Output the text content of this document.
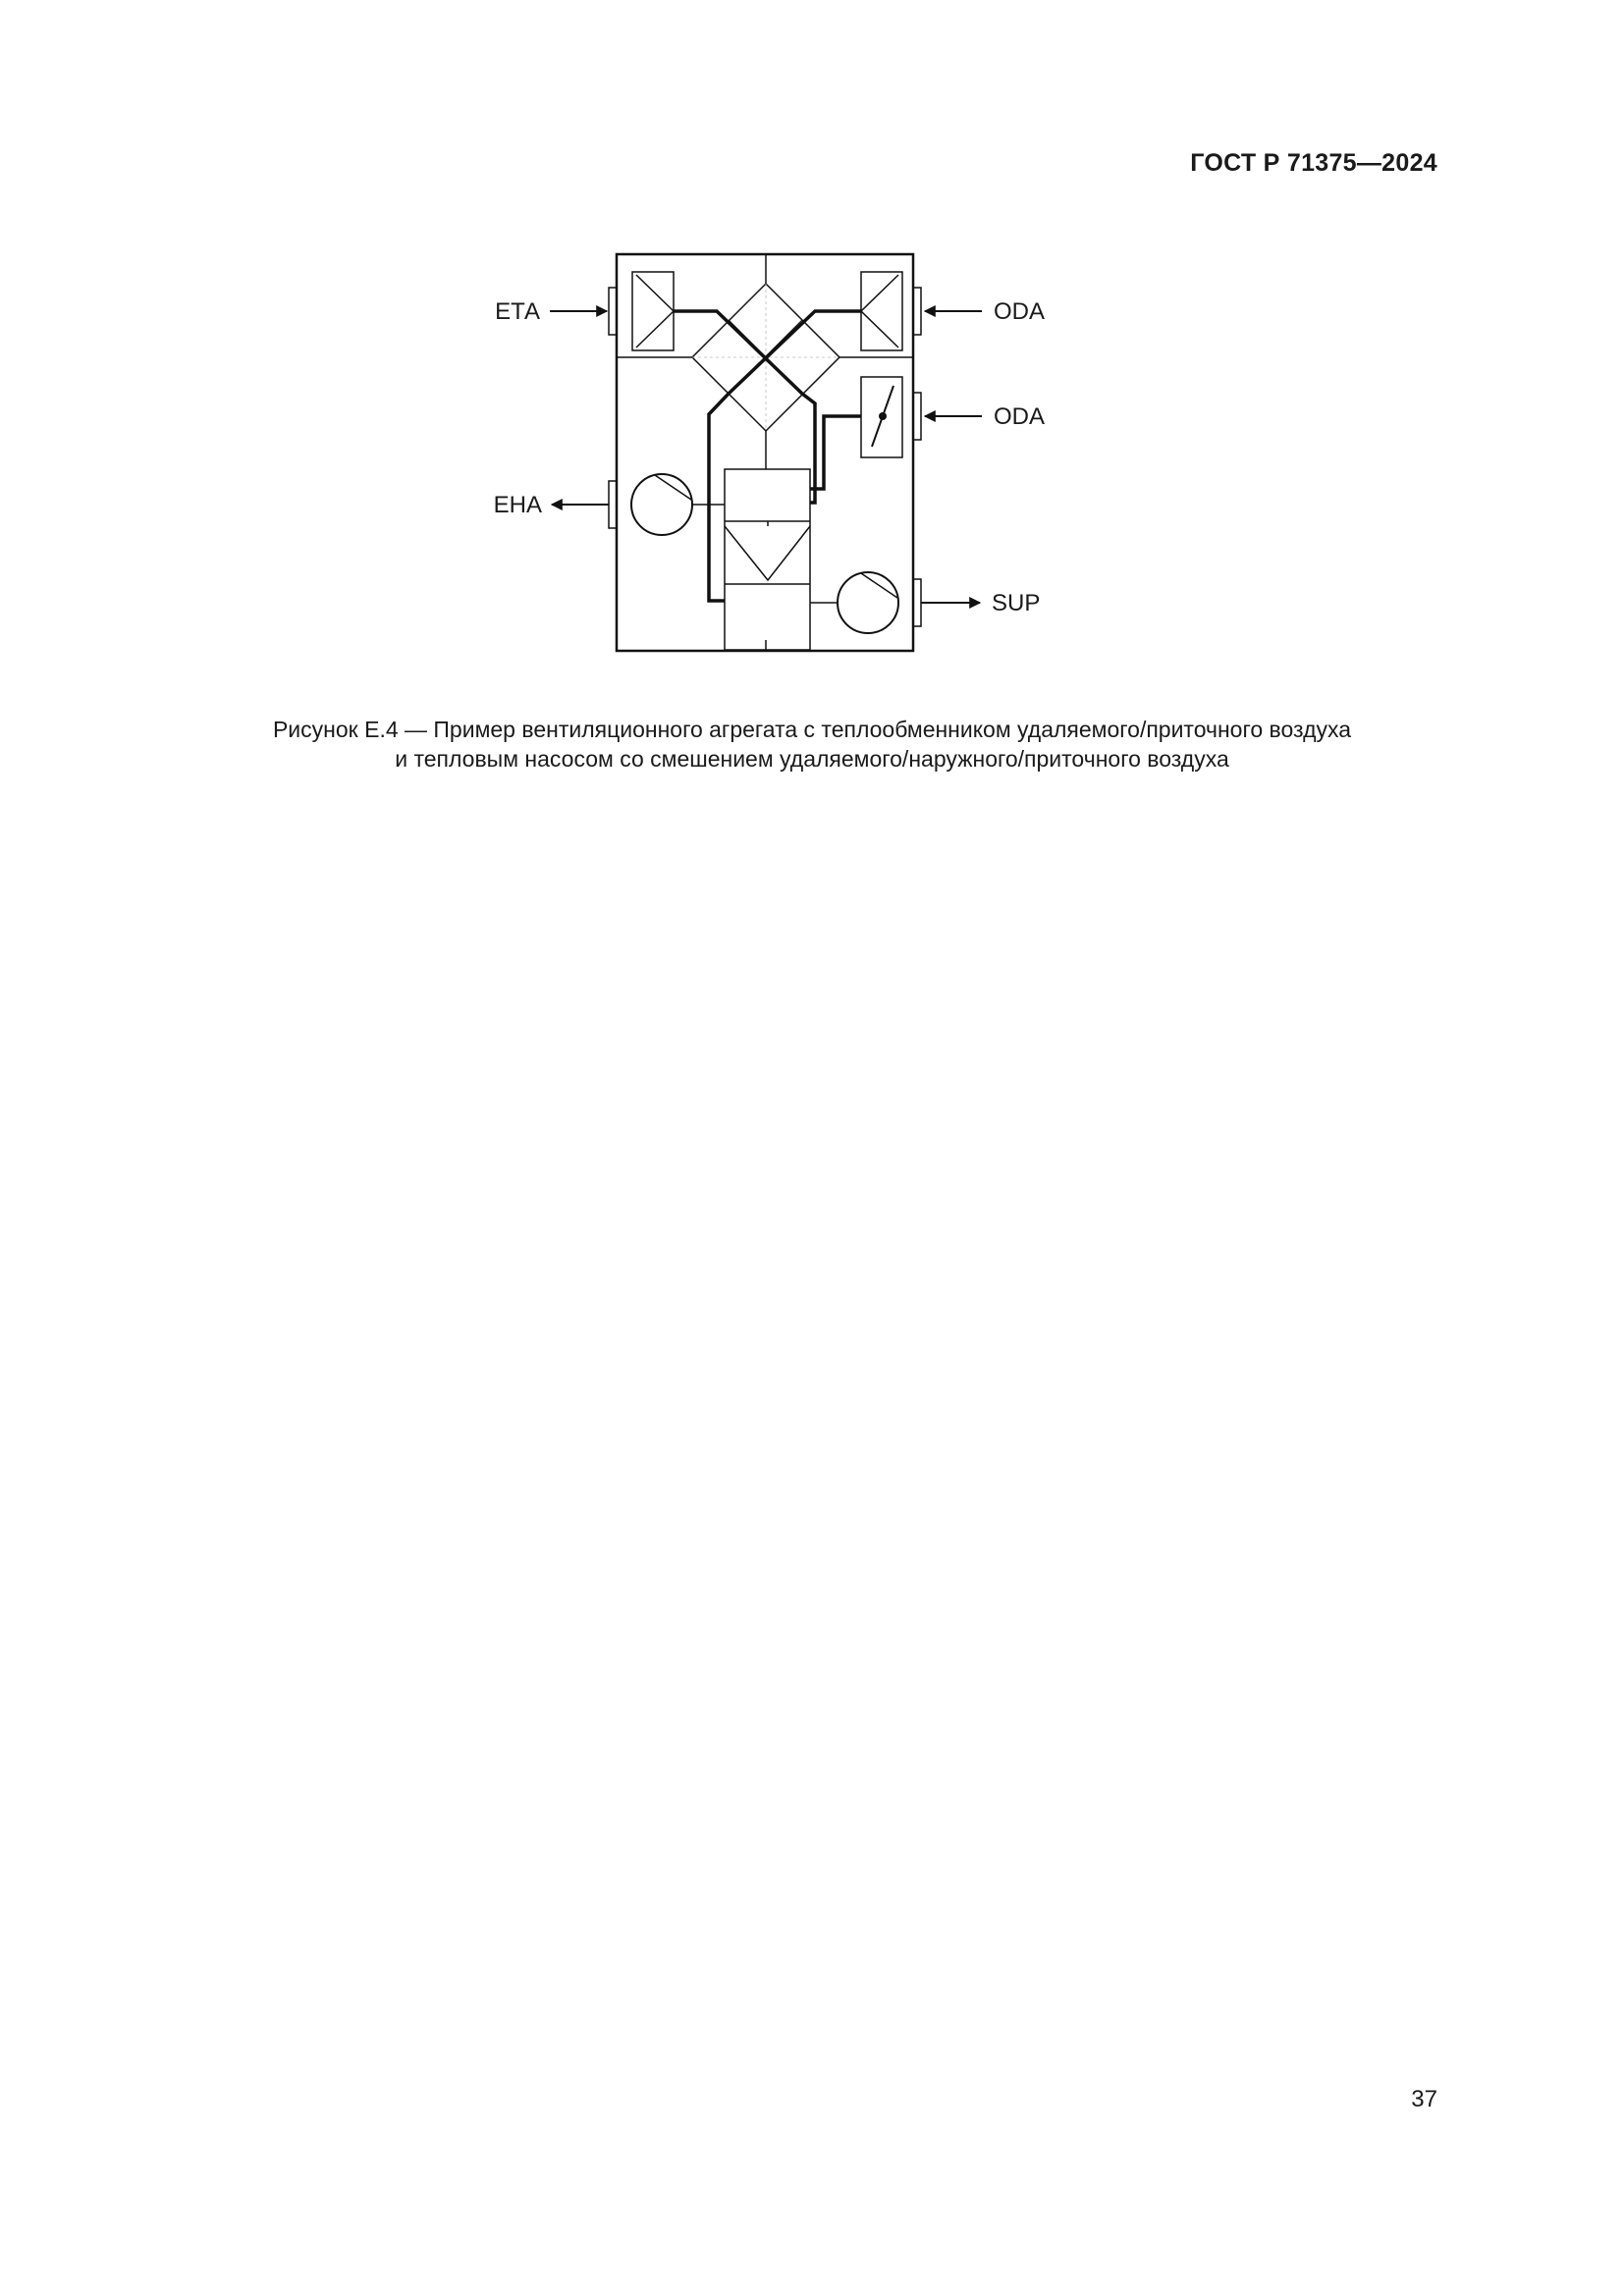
ГОСТ Р 71375—2024
ЕТА	ODA
ODA
ЕНА
SUP
Рисунок Е.4 — Пример вентиляционного агрегата с теплообменником удаляемого/приточного воздуха
и тепловым насосом со смешением удаляемого/наружного/приточного воздуха
37
